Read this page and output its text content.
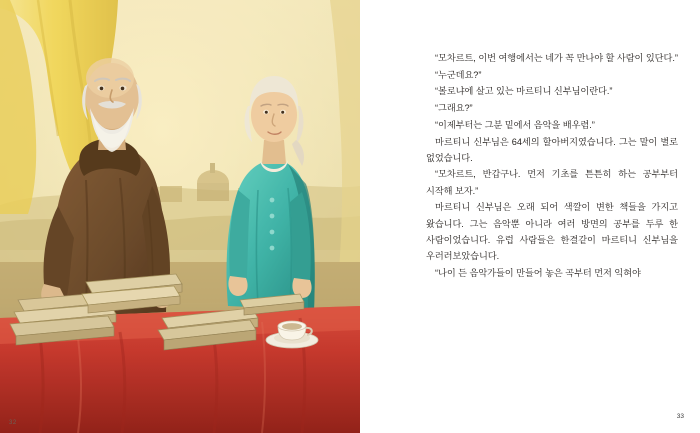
32

“모차르트, 이번 여행에서는 네가 꼭 만나야 할 사람이 있단다.”

“누군데요?”

“볼로냐에 살고 있는 마르티니 신부님이란다.”

“그래요?”

“이제부터는 그분 밑에서 음악을 배우렴.”

마르티니 신부님은 64세의 할아버지였습니다. 그는 말이 별로 없었습니다.

“모차르트, 반갑구나. 먼저 기초를 튼튼히 하는 공부부터 시작해 보자.”

마르티니 신부님은 오래 되어 색깔이 변한 책들을 가지고 왔습니다. 그는 음악뿐 아니라 여러 방면의 공부를 두루 한 사람이었습니다. 유럽 사람들은 한결같이 마르티니 신부님을 우러러보았습니다.

“나이 든 음악가들이 만들어 놓은 곡부터 먼저 익혀야

33
